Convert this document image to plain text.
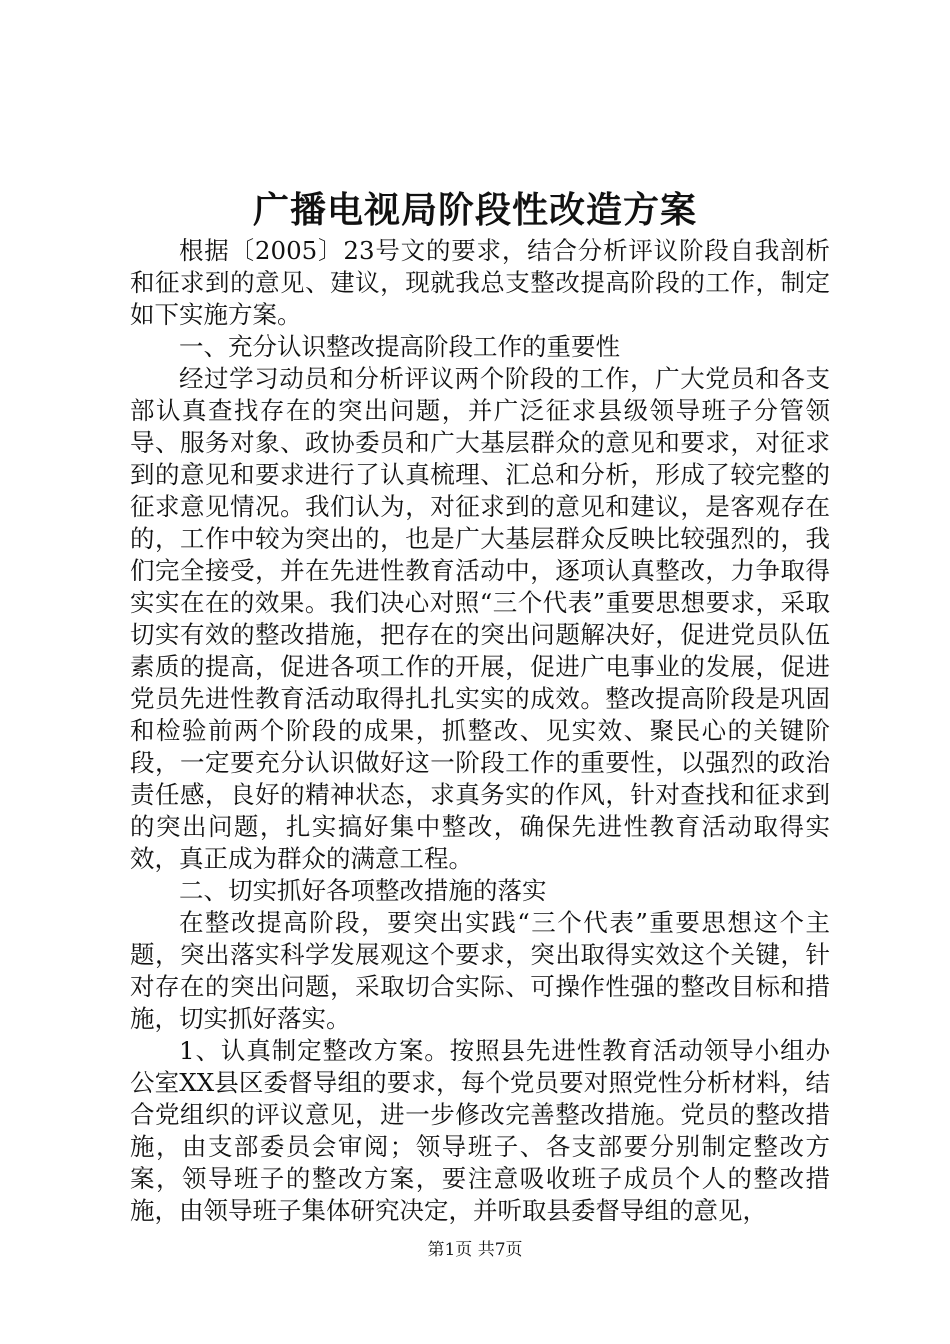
广播电视局阶段性改造方案

根据〔2005〕23号文的要求，结合分析评议阶段自我剖析和征求到的意见、建议，现就我总支整改提高阶段的工作，制定如下实施方案。

一、充分认识整改提高阶段工作的重要性

经过学习动员和分析评议两个阶段的工作，广大党员和各支部认真查找存在的突出问题，并广泛征求县级领导班子分管领导、服务对象、政协委员和广大基层群众的意见和要求，对征求到的意见和要求进行了认真梳理、汇总和分析，形成了较完整的征求意见情况。我们认为，对征求到的意见和建议，是客观存在的，工作中较为突出的，也是广大基层群众反映比较强烈的，我们完全接受，并在先进性教育活动中，逐项认真整改，力争取得实实在在的效果。我们决心对照“三个代表”重要思想要求，采取切实有效的整改措施，把存在的突出问题解决好，促进党员队伍素质的提高，促进各项工作的开展，促进广电事业的发展，促进党员先进性教育活动取得扎扎实实的成效。整改提高阶段是巩固和检验前两个阶段的成果，抓整改、见实效、聚民心的关键阶段，一定要充分认识做好这一阶段工作的重要性，以强烈的政治责任感，良好的精神状态，求真务实的作风，针对查找和征求到的突出问题，扎实搞好集中整改，确保先进性教育活动取得实效，真正成为群众的满意工程。

二、切实抓好各项整改措施的落实

在整改提高阶段，要突出实践“三个代表”重要思想这个主题，突出落实科学发展观这个要求，突出取得实效这个关键，针对存在的突出问题，采取切合实际、可操作性强的整改目标和措施，切实抓好落实。

1、认真制定整改方案。按照县先进性教育活动领导小组办公室XX县区委督导组的要求，每个党员要对照党性分析材料，结合党组织的评议意见，进一步修改完善整改措施。党员的整改措施，由支部委员会审阅；领导班子、各支部要分别制定整改方案，领导班子的整改方案，要注意吸收班子成员个人的整改措施，由领导班子集体研究决定，并听取县委督导组的意见，

第1页 共7页
